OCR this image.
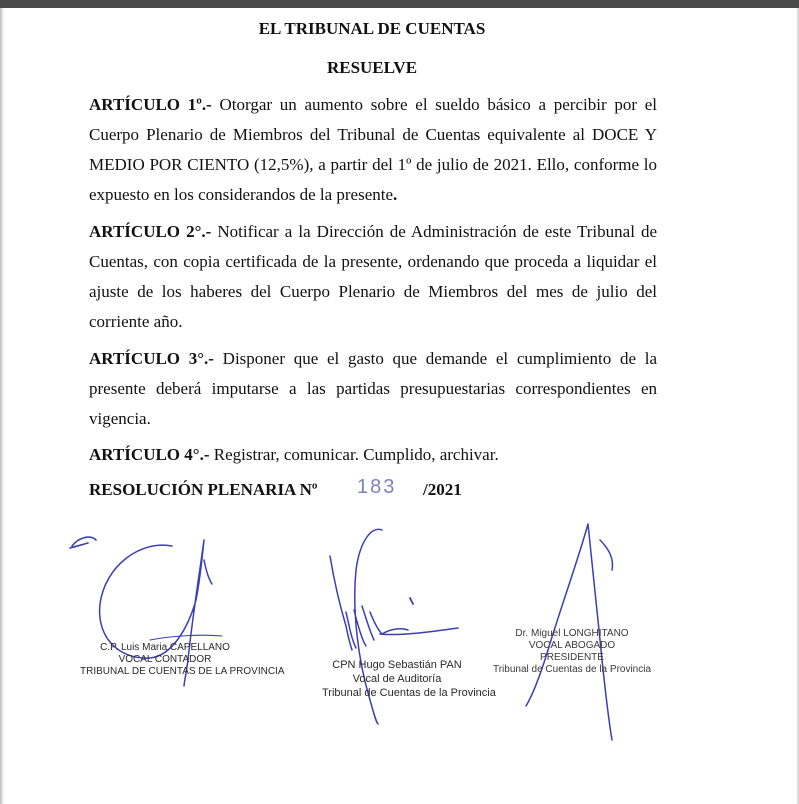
EL TRIBUNAL DE CUENTAS
RESUELVE
ARTÍCULO 1º.- Otorgar un aumento sobre el sueldo básico a percibir por el Cuerpo Plenario de Miembros del Tribunal de Cuentas equivalente al DOCE Y MEDIO POR CIENTO (12,5%), a partir del 1º de julio de 2021. Ello, conforme lo expuesto en los considerandos de la presente.
ARTÍCULO 2°.- Notificar a la Dirección de Administración de este Tribunal de Cuentas, con copia certificada de la presente, ordenando que proceda a liquidar el ajuste de los haberes del Cuerpo Plenario de Miembros del mes de julio del corriente año.
ARTÍCULO 3°.- Disponer que el gasto que demande el cumplimiento de la presente deberá imputarse a las partidas presupuestarias correspondientes en vigencia.
ARTÍCULO 4°.- Registrar, comunicar. Cumplido, archivar.
RESOLUCIÓN PLENARIA Nº 183 /2021
C.P. Luis Maria CAPELLANO
VOCAL CONTADOR
TRIBUNAL DE CUENTAS DE LA PROVINCIA
CPN Hugo Sebastián PAN
Vocal de Auditoría
Tribunal de Cuentas de la Provincia
Dr. Miguel LONGHITANO
VOCAL ABOGADO
PRESIDENTE
Tribunal de Cuentas de la Provincia
